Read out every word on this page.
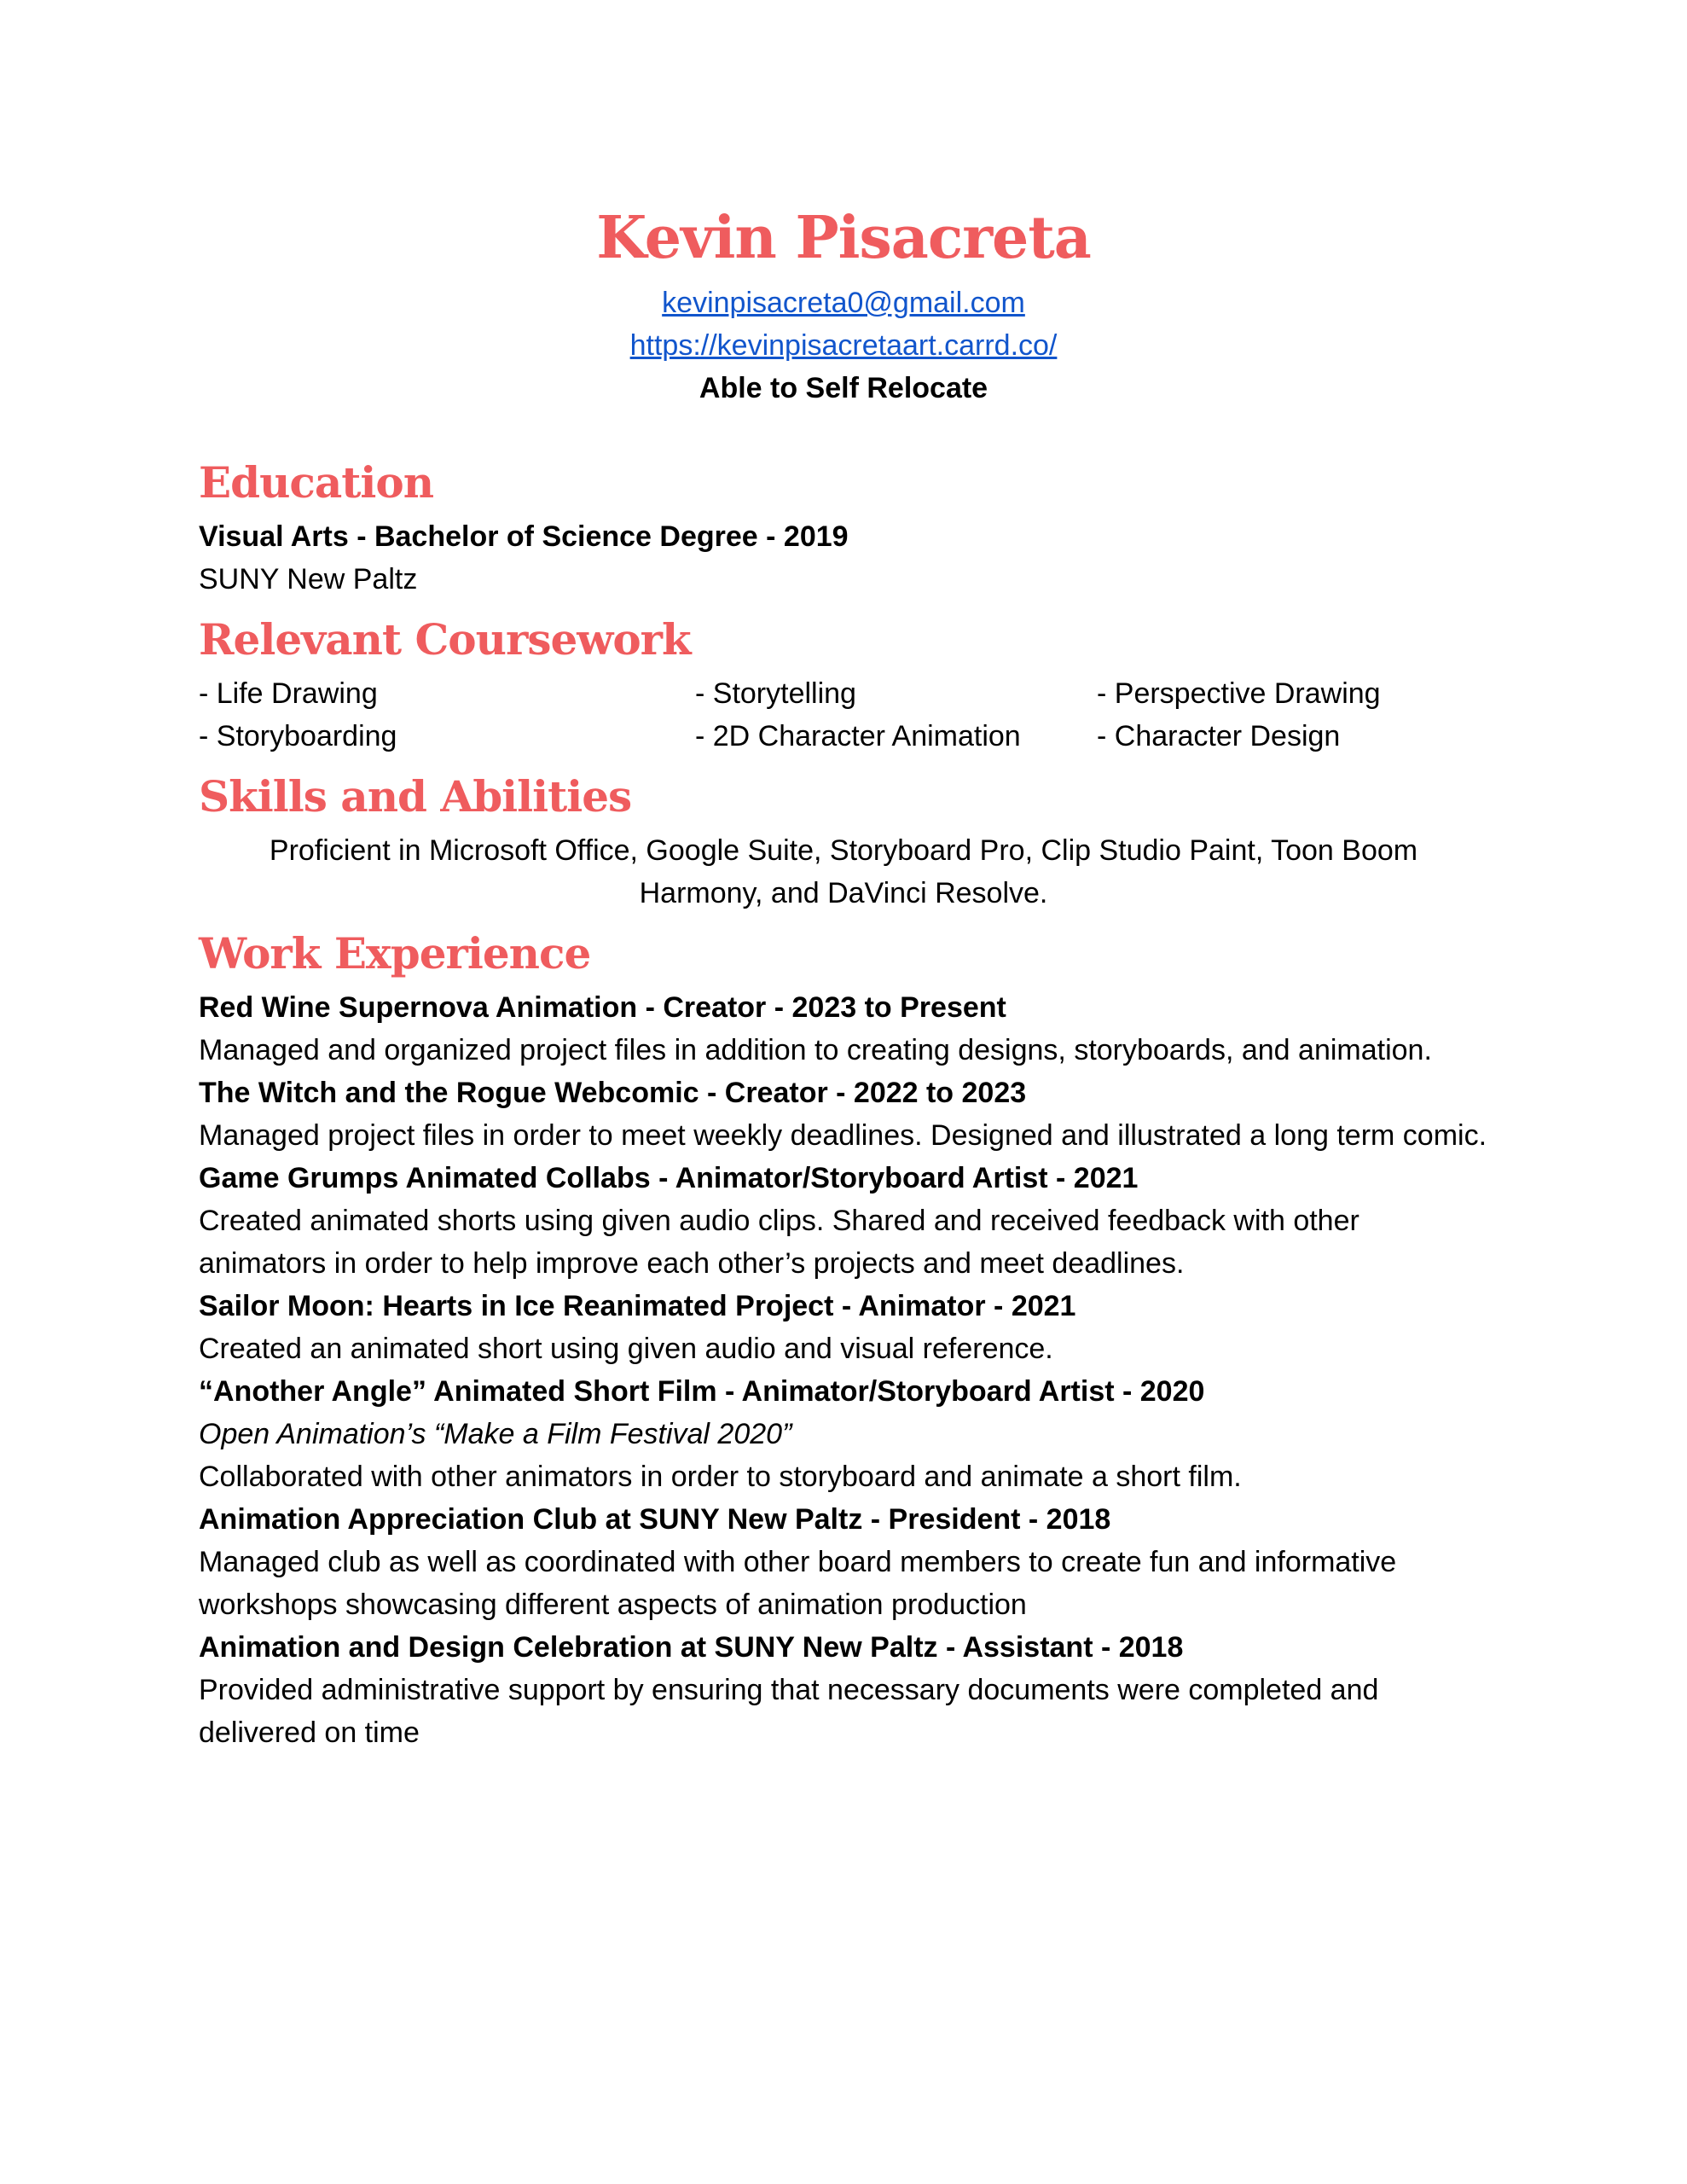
Kevin Pisacreta
kevinpisacreta0@gmail.com
https://kevinpisacretaart.carrd.co/
Able to Self Relocate
Education
Visual Arts - Bachelor of Science Degree - 2019
SUNY New Paltz
Relevant Coursework
- Life Drawing	- Storytelling	- Perspective Drawing
- Storyboarding	- 2D Character Animation	- Character Design
Skills and Abilities
Proficient in Microsoft Office, Google Suite, Storyboard Pro, Clip Studio Paint, Toon Boom Harmony, and DaVinci Resolve.
Work Experience
Red Wine Supernova Animation - Creator - 2023 to Present
Managed and organized project files in addition to creating designs, storyboards, and animation.
The Witch and the Rogue Webcomic - Creator - 2022 to 2023
Managed project files in order to meet weekly deadlines. Designed and illustrated a long term comic.
Game Grumps Animated Collabs - Animator/Storyboard Artist - 2021
Created animated shorts using given audio clips. Shared and received feedback with other animators in order to help improve each other’s projects and meet deadlines.
Sailor Moon: Hearts in Ice Reanimated Project - Animator - 2021
Created an animated short using given audio and visual reference.
“Another Angle” Animated Short Film - Animator/Storyboard Artist - 2020
Open Animation’s “Make a Film Festival 2020”
Collaborated with other animators in order to storyboard and animate a short film.
Animation Appreciation Club at SUNY New Paltz - President - 2018
Managed club as well as coordinated with other board members to create fun and informative workshops showcasing different aspects of animation production
Animation and Design Celebration at SUNY New Paltz - Assistant - 2018
Provided administrative support by ensuring that necessary documents were completed and delivered on time
